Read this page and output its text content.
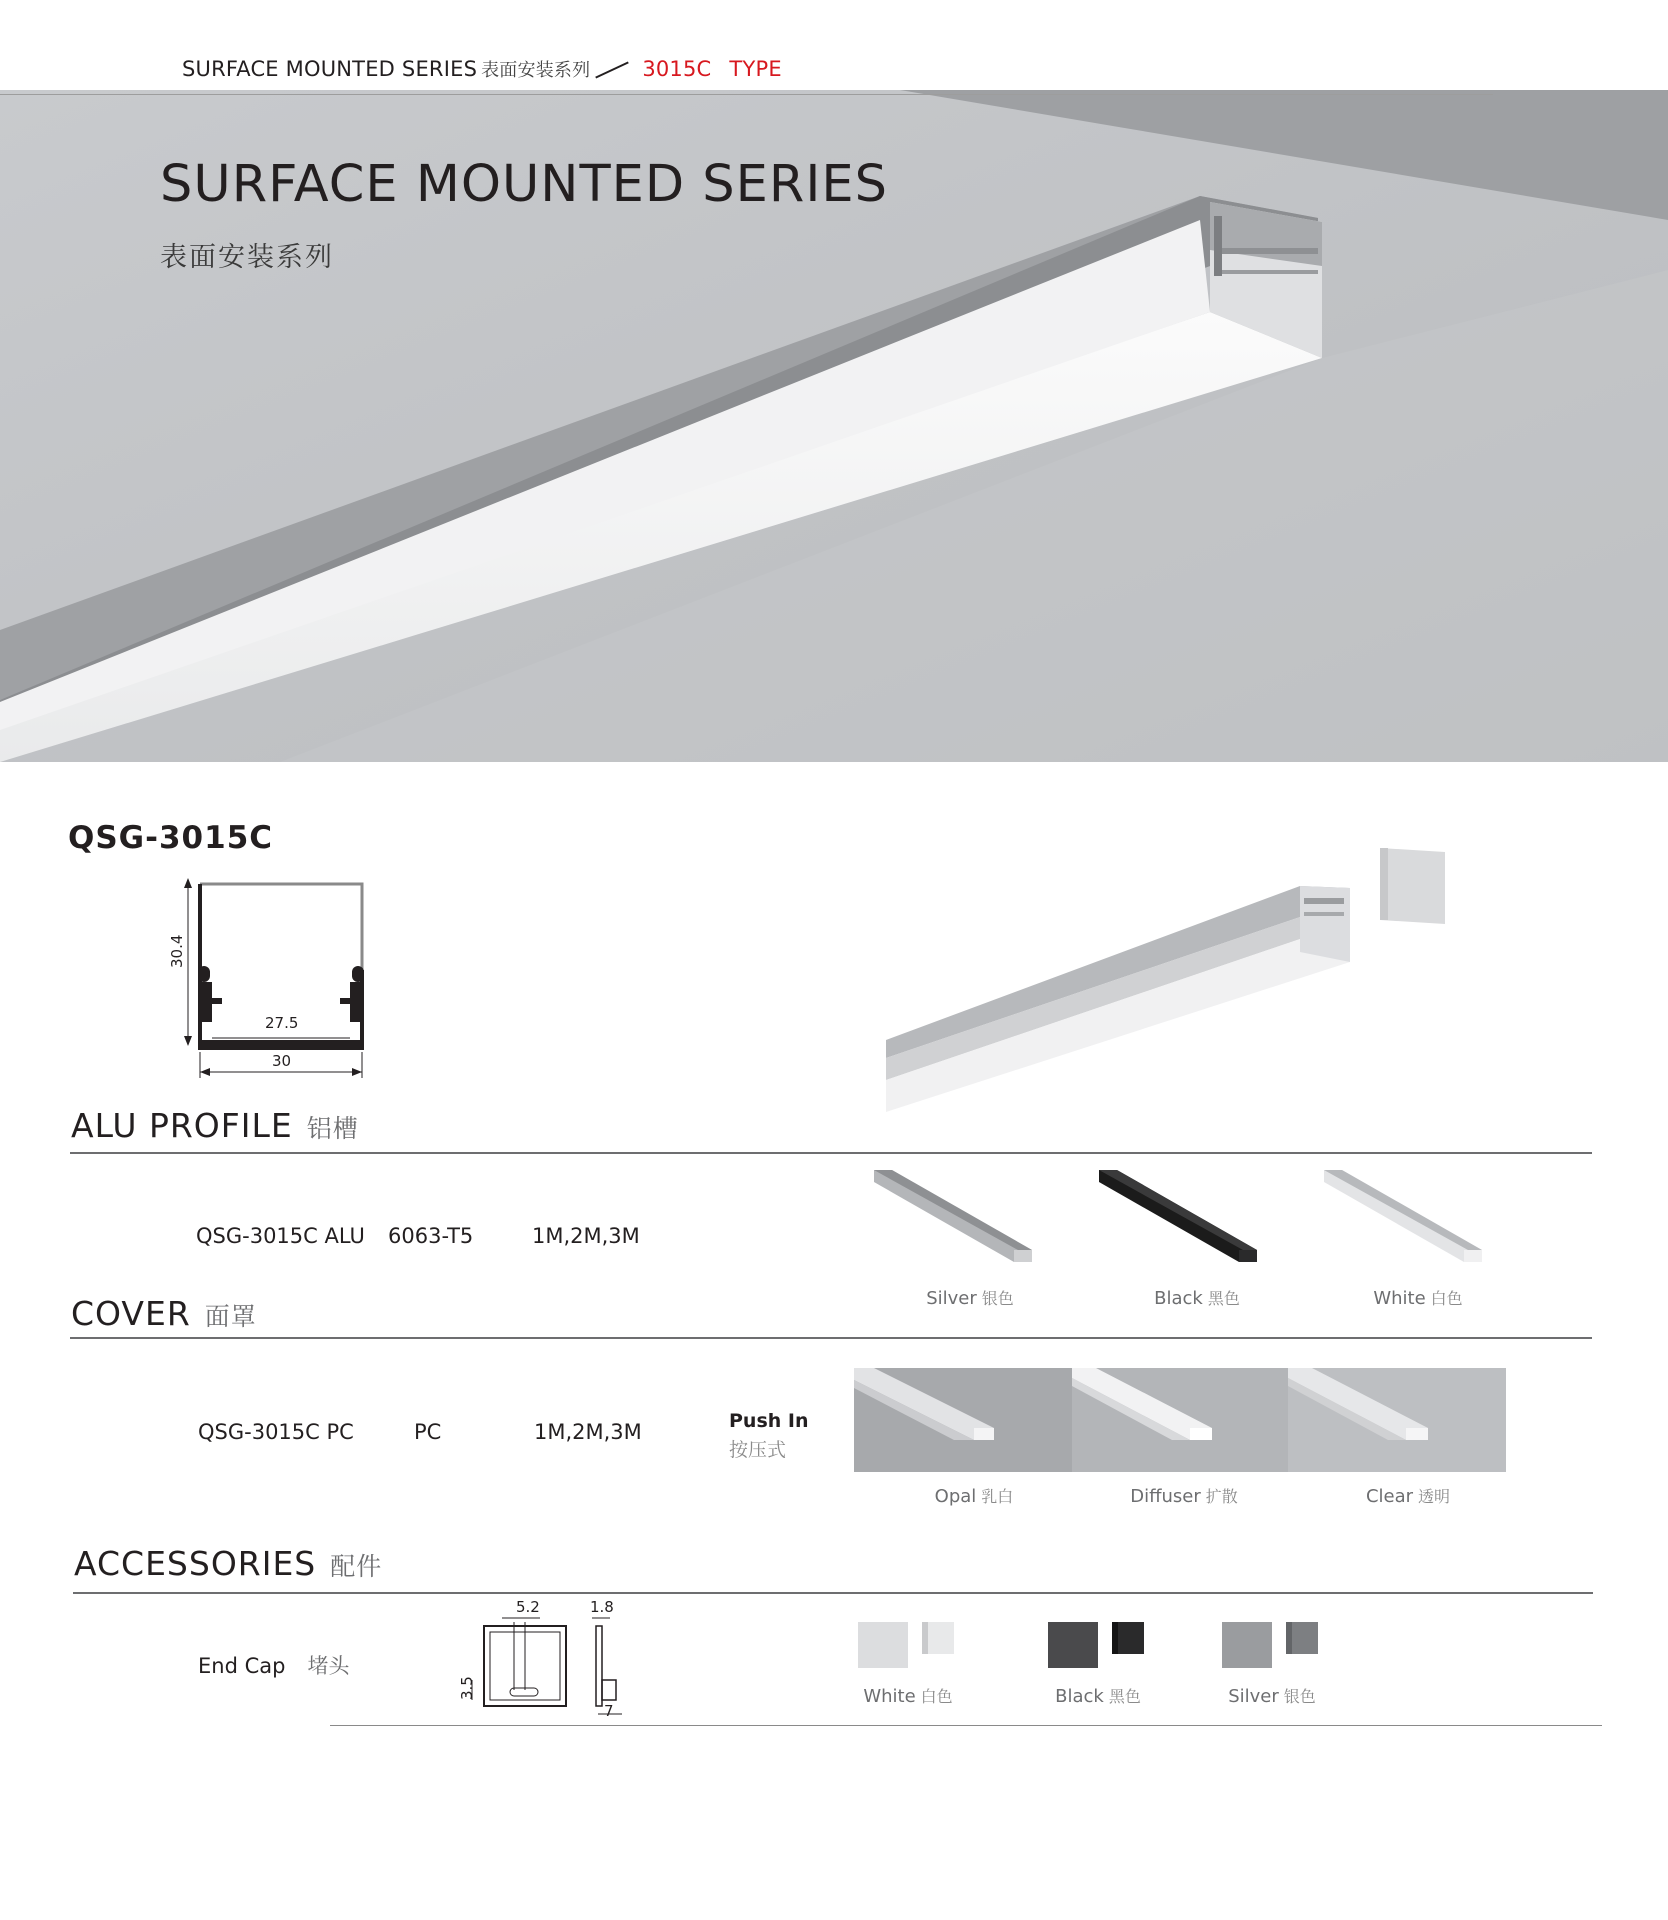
SURFACE MOUNTED SERIES 表面安装系列 3015C TYPE
SURFACE MOUNTED SERIES
表面安装系列
QSG-3015C
30.4
27.5
30
ALU PROFILE 铝槽
QSG-3015C ALU 6063-T5	1M,2M,3M
Silver 银色	Black 黑色	White 白色
COVER 面罩
QSG-3015C PC	PC	1M,2M,3M	Push In
按压式
Opal 乳白	Diffuser 扩散	Clear 透明
ACCESSORIES 配件
End Cap 堵头
5.2	1.8
3.5
7
White 白色	Black 黑色	Silver 银色
